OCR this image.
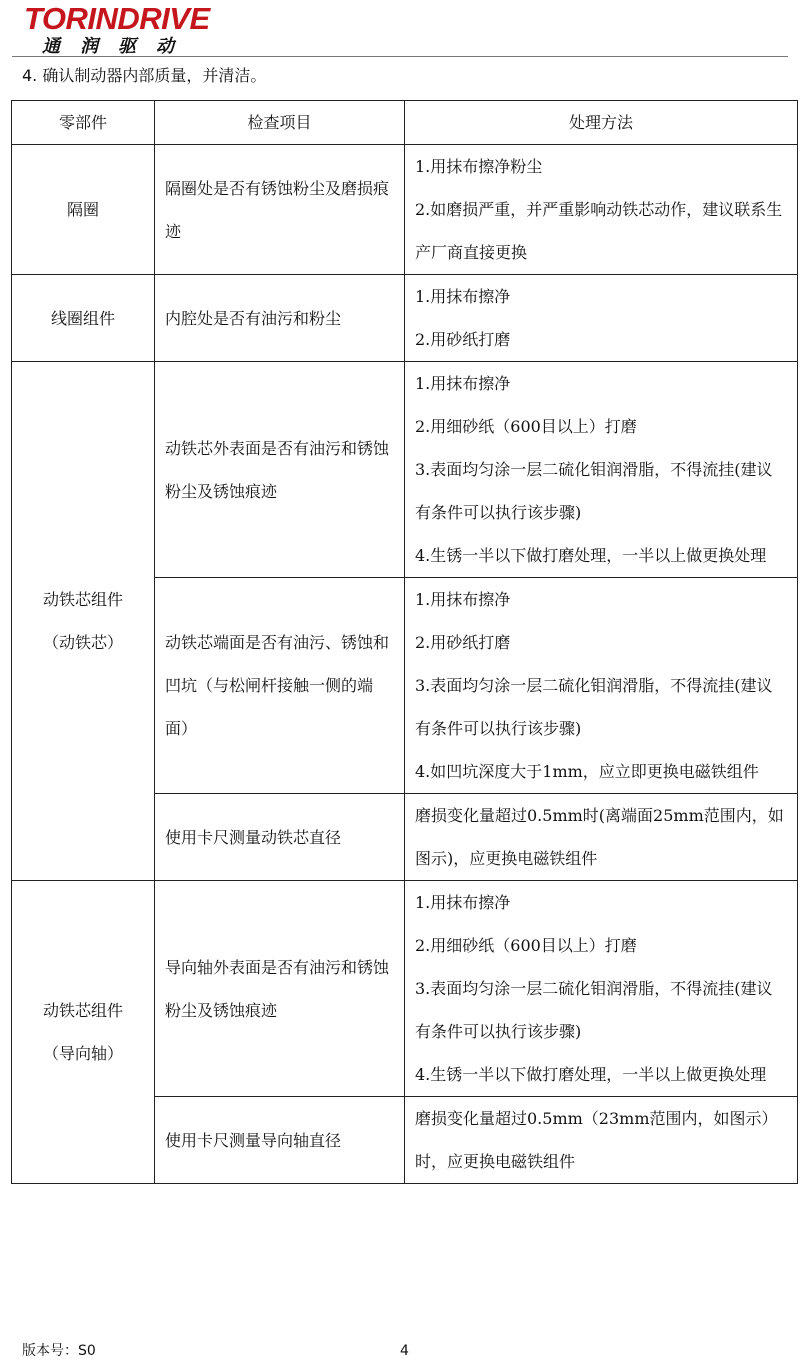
TORINDRIVE
通润驱动
4. 确认制动器内部质量，并清洁。
零部件	检查项目	处理方法

隔圈	隔圈处是否有锈蚀粉尘及磨损痕迹	1.用抹布擦净粉尘
2.如磨损严重，并严重影响动铁芯动作，建议联系生产厂商直接更换

线圈组件	内腔处是否有油污和粉尘	1.用抹布擦净
2.用砂纸打磨

动铁芯组件
（动铁芯）	动铁芯外表面是否有油污和锈蚀粉尘及锈蚀痕迹	1.用抹布擦净
2.用细砂纸（600目以上）打磨
3.表面均匀涂一层二硫化钼润滑脂，不得流挂(建议有条件可以执行该步骤)
4.生锈一半以下做打磨处理，一半以上做更换处理

	动铁芯端面是否有油污、锈蚀和凹坑（与松闸杆接触一侧的端面）	1.用抹布擦净
2.用砂纸打磨
3.表面均匀涂一层二硫化钼润滑脂，不得流挂(建议有条件可以执行该步骤)
4.如凹坑深度大于1mm，应立即更换电磁铁组件

	使用卡尺测量动铁芯直径	磨损变化量超过0.5mm时(离端面25mm范围内，如图示)，应更换电磁铁组件

动铁芯组件
（导向轴）	导向轴外表面是否有油污和锈蚀粉尘及锈蚀痕迹	1.用抹布擦净
2.用细砂纸（600目以上）打磨
3.表面均匀涂一层二硫化钼润滑脂，不得流挂(建议有条件可以执行该步骤)
4.生锈一半以下做打磨处理，一半以上做更换处理

	使用卡尺测量导向轴直径	磨损变化量超过0.5mm（23mm范围内，如图示）时，应更换电磁铁组件
版本号：S0	4
